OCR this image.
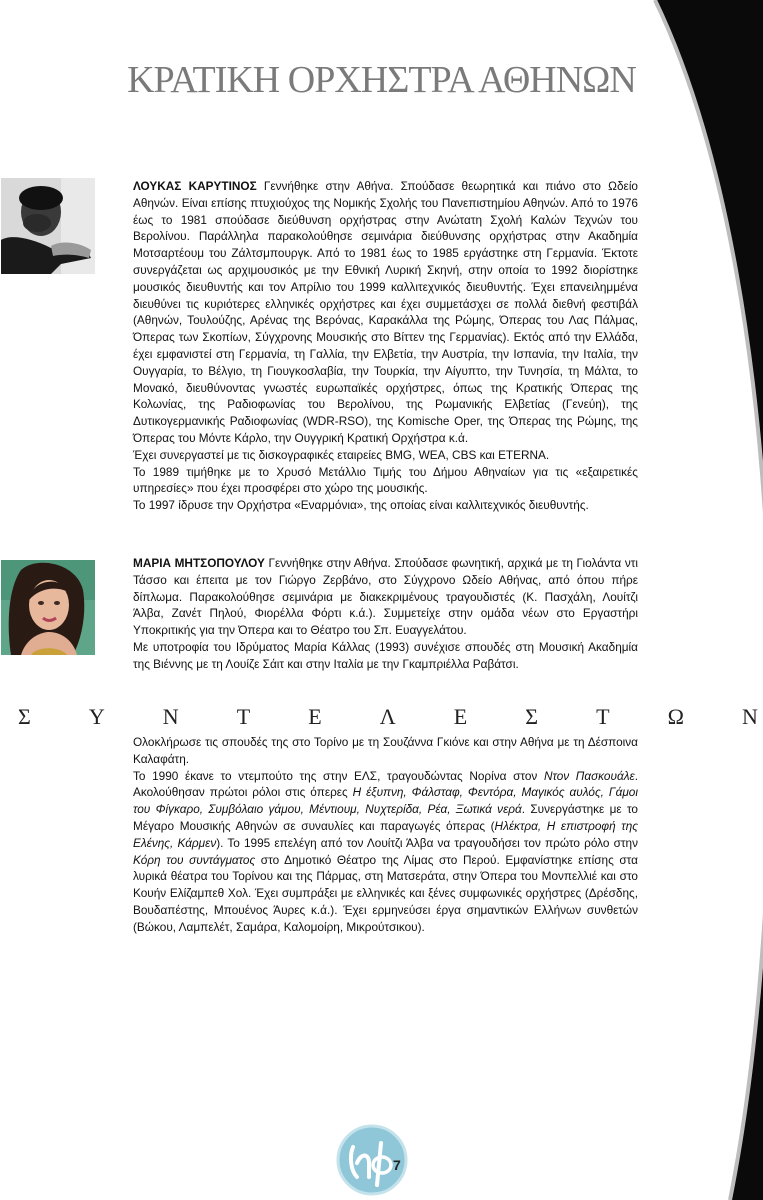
ΚΡΑΤΙΚΗ ΟΡΧΗΣΤΡΑ ΑΘΗΝΩΝ

ΛΟΥΚΑΣ ΚΑΡΥΤΙΝΟΣ Γεννήθηκε στην Αθήνα. Σπούδασε θεωρητικά και πιάνο στο Ωδείο Αθηνών. Είναι επίσης πτυχιούχος της Νομικής Σχολής του Πανεπιστημίου Αθηνών. Από το 1976 έως το 1981 σπούδασε διεύθυνση ορχήστρας στην Ανώτατη Σχολή Καλών Τεχνών του Βερολίνου. Παράλληλα παρακολούθησε σεμινάρια διεύθυνσης ορχήστρας στην Ακαδημία Μοτσαρτέουμ του Ζάλτσμπουργκ. Από το 1981 έως το 1985 εργάστηκε στη Γερμανία. Έκτοτε συνεργάζεται ως αρχιμουσικός με την Εθνική Λυρική Σκηνή, στην οποία το 1992 διορίστηκε μουσικός διευθυντής και τον Απρίλιο του 1999 καλλιτεχνικός διευθυντής. Έχει επανειλημμένα διευθύνει τις κυριότερες ελληνικές ορχήστρες και έχει συμμετάσχει σε πολλά διεθνή φεστιβάλ (Αθηνών, Τουλούζης, Αρένας της Βερόνας, Καρακάλλα της Ρώμης, Όπερας του Λας Πάλμας, Όπερας των Σκοπίων, Σύγχρονης Μουσικής στο Βίττεν της Γερμανίας). Εκτός από την Ελλάδα, έχει εμφανιστεί στη Γερμανία, τη Γαλλία, την Ελβετία, την Αυστρία, την Ισπανία, την Ιταλία, την Ουγγαρία, το Βέλγιο, τη Γιουγκοσλαβία, την Τουρκία, την Αίγυπτο, την Τυνησία, τη Μάλτα, το Μονακό, διευθύνοντας γνωστές ευρωπαϊκές ορχήστρες, όπως της Κρατικής Όπερας της Κολωνίας, της Ραδιοφωνίας του Βερολίνου, της Ρωμανικής Ελβετίας (Γενεύη), της Δυτικογερμανικής Ραδιοφωνίας (WDR-RSO), της Komische Oper, της Όπερας της Ρώμης, της Όπερας του Μόντε Κάρλο, την Ουγγρική Κρατική Ορχήστρα κ.ά.

Έχει συνεργαστεί με τις δισκογραφικές εταιρείες BMG, WEA, CBS και ETERNA.

Το 1989 τιμήθηκε με το Χρυσό Μετάλλιο Τιμής του Δήμου Αθηναίων για τις «εξαιρετικές υπηρεσίες» που έχει προσφέρει στο χώρο της μουσικής.

Το 1997 ίδρυσε την Ορχήστρα «Εναρμόνια», της οποίας είναι καλλιτεχνικός διευθυντής.

ΜΑΡΙΑ ΜΗΤΣΟΠΟΥΛΟΥ Γεννήθηκε στην Αθήνα. Σπούδασε φωνητική, αρχικά με τη Γιολάντα ντι Τάσσο και έπειτα με τον Γιώργο Ζερβάνο, στο Σύγχρονο Ωδείο Αθήνας, από όπου πήρε δίπλωμα. Παρακολούθησε σεμινάρια με διακεκριμένους τραγουδιστές (Κ. Πασχάλη, Λουίτζι Άλβα, Ζανέτ Πηλού, Φιορέλλα Φόρτι κ.ά.). Συμμετείχε στην ομάδα νέων στο Εργαστήρι Υποκριτικής για την Όπερα και το Θέατρο του Σπ. Ευαγγελάτου.

Με υποτροφία του Ιδρύματος Μαρία Κάλλας (1993) συνέχισε σπουδές στη Μουσική Ακαδημία της Βιέννης με τη Λουίζε Σάιτ και στην Ιταλία με την Γκαμπριέλλα Ραβάτσι.

Σ	Υ	Ν	Τ	Ε	Λ	Ε	Σ	Τ	Ω	Ν

Ολοκλήρωσε τις σπουδές της στο Τορίνο με τη Σουζάννα Γκιόνε και στην Αθήνα με τη Δέσποινα Καλαφάτη.

Το 1990 έκανε το ντεμπούτο της στην ΕΛΣ, τραγουδώντας Νορίνα στον Ντον Πασκουάλε. Ακολούθησαν πρώτοι ρόλοι στις όπερες Η έξυπνη, Φάλσταφ, Φεντόρα, Μαγικός αυλός, Γάμοι του Φίγκαρο, Συμβόλαιο γάμου, Μέντιουμ, Νυχτερίδα, Ρέα, Ξωτικά νερά. Συνεργάστηκε με το Μέγαρο Μουσικής Αθηνών σε συναυλίες και παραγωγές όπερας (Ηλέκτρα, Η επιστροφή της Ελένης, Κάρμεν). Το 1995 επελέγη από τον Λουίτζι Άλβα να τραγουδήσει τον πρώτο ρόλο στην Κόρη του συντάγματος στο Δημοτικό Θέατρο της Λίμας στο Περού. Εμφανίστηκε επίσης στα λυρικά θέατρα του Τορίνου και της Πάρμας, στη Ματσεράτα, στην Όπερα του Μονπελλιέ και στο Κουήν Ελίζαμπεθ Χολ. Έχει συμπράξει με ελληνικές και ξένες συμφωνικές ορχήστρες (Δρέσδης, Βουδαπέστης, Μπουένος Άυρες κ.ά.). Έχει ερμηνεύσει έργα σημαντικών Ελλήνων συνθετών (Βώκου, Λαμπελέτ, Σαμάρα, Καλομοίρη, Μικρούτσικου).

7
